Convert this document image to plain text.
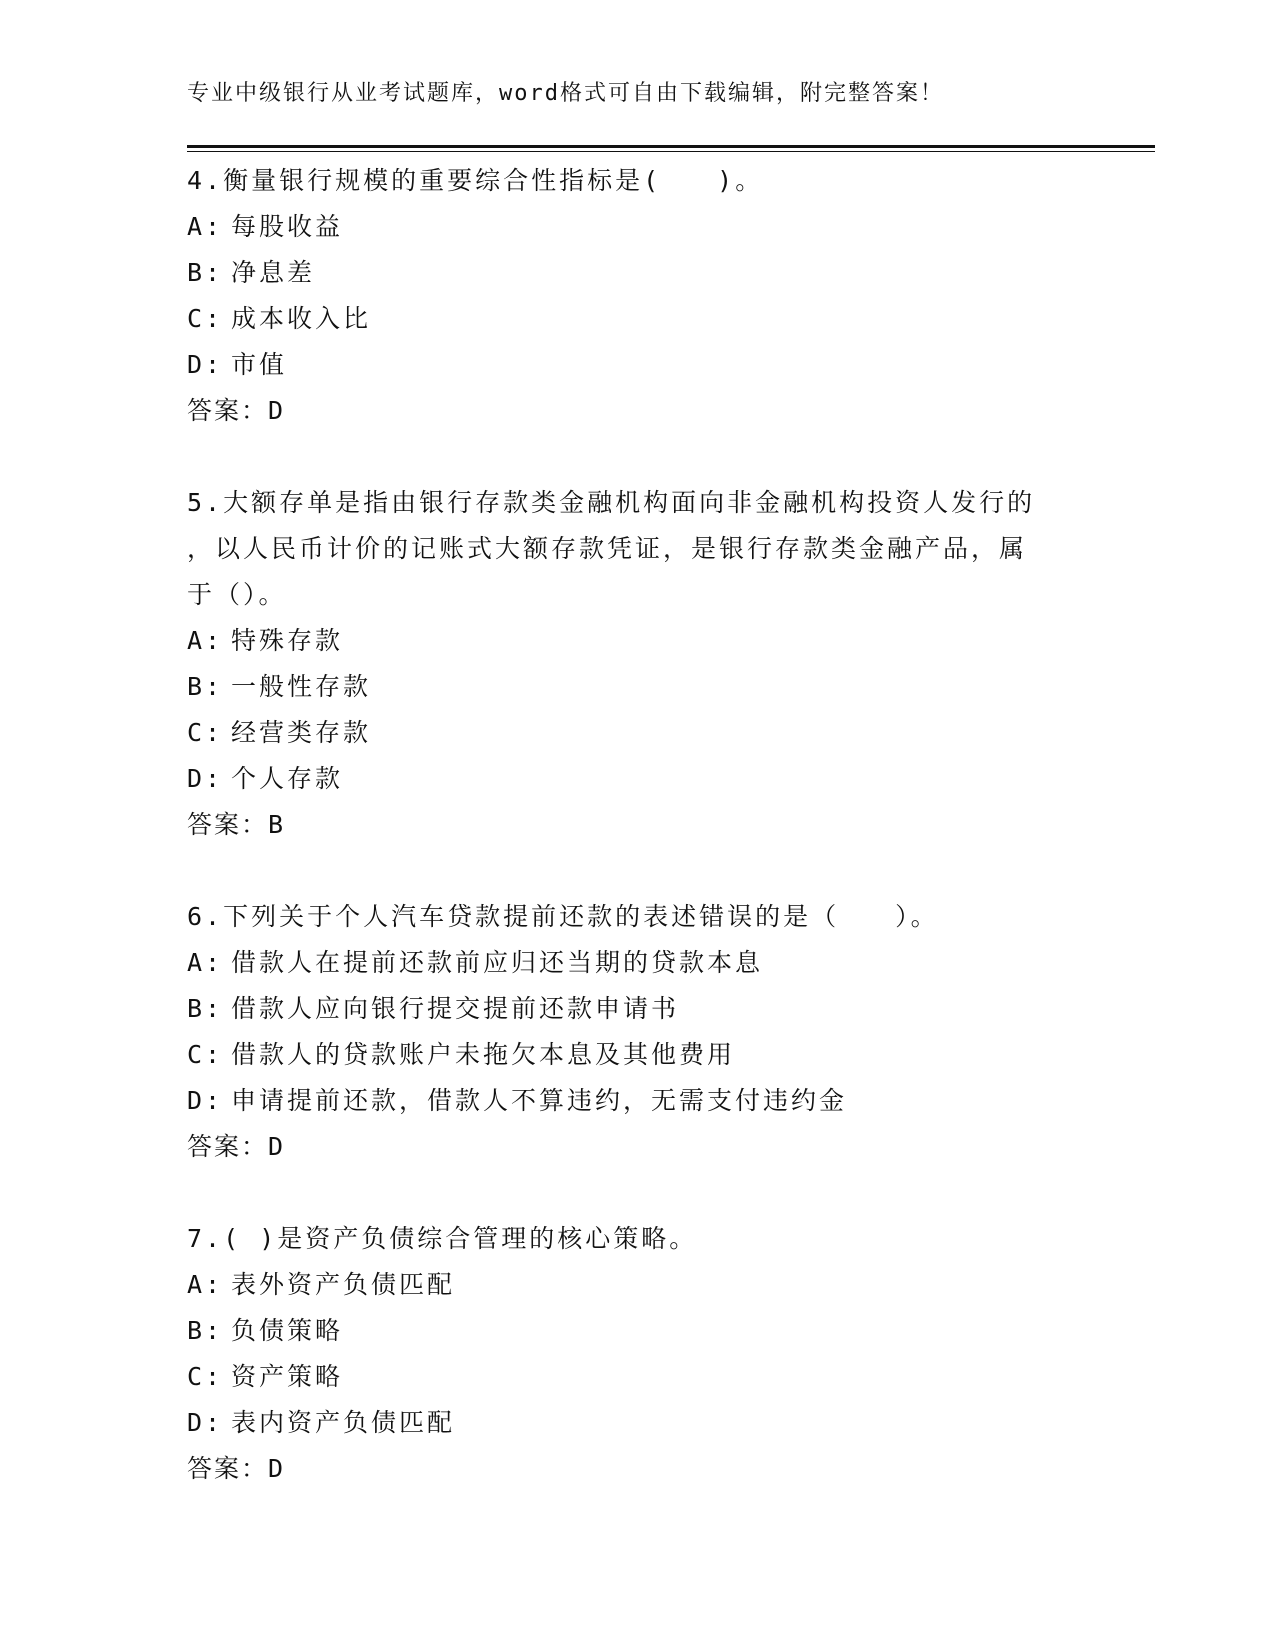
专业中级银行从业考试题库，word格式可自由下载编辑，附完整答案！
4.衡量银行规模的重要综合性指标是(　　)。
A: 每股收益
B: 净息差
C: 成本收入比
D: 市值
答案：D
5.大额存单是指由银行存款类金融机构面向非金融机构投资人发行的
，以人民币计价的记账式大额存款凭证，是银行存款类金融产品，属
于（）。
A: 特殊存款
B: 一般性存款
C: 经营类存款
D: 个人存款
答案：B
6.下列关于个人汽车贷款提前还款的表述错误的是（　　）。
A: 借款人在提前还款前应归还当期的贷款本息
B: 借款人应向银行提交提前还款申请书
C: 借款人的贷款账户未拖欠本息及其他费用
D: 申请提前还款，借款人不算违约，无需支付违约金
答案：D
7.( )是资产负债综合管理的核心策略。
A: 表外资产负债匹配
B: 负债策略
C: 资产策略
D: 表内资产负债匹配
答案：D
